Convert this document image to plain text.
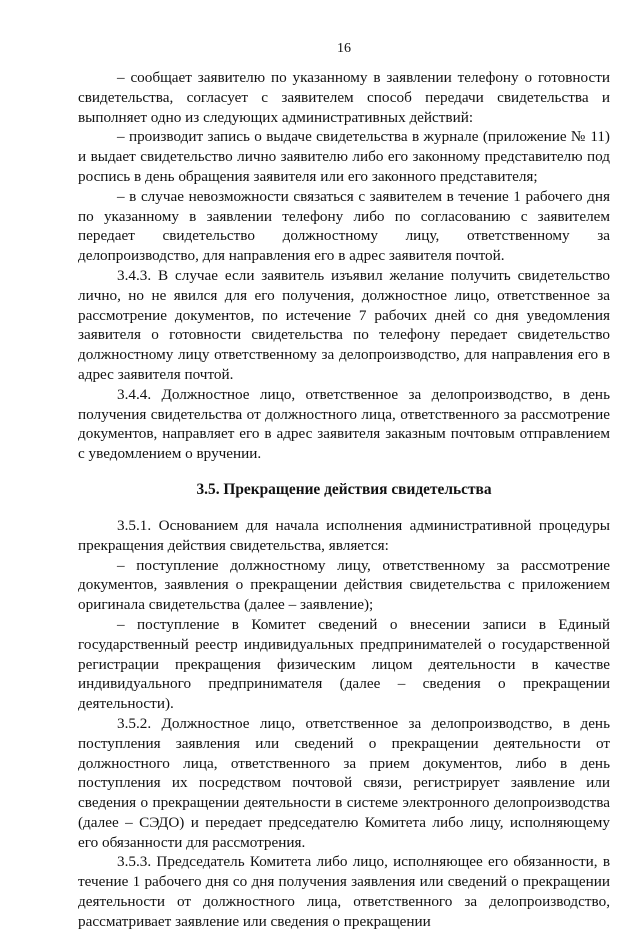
16

– сообщает заявителю по указанному в заявлении телефону о готовности свидетельства, согласует с заявителем способ передачи свидетельства и выполняет одно из следующих административных действий:

– производит запись о выдаче свидетельства в журнале (приложение № 11) и выдает свидетельство лично заявителю либо его законному представителю под роспись в день обращения заявителя или его законного представителя;

– в случае невозможности связаться с заявителем в течение 1 рабочего дня по указанному в заявлении телефону либо по согласованию с заявителем передает свидетельство должностному лицу, ответственному за делопроизводство, для направления его в адрес заявителя почтой.

3.4.3. В случае если заявитель изъявил желание получить свидетельство лично, но не явился для его получения, должностное лицо, ответственное за рассмотрение документов, по истечение 7 рабочих дней со дня уведомления заявителя о готовности свидетельства по телефону передает свидетельство должностному лицу ответственному за делопроизводство, для направления его в адрес заявителя почтой.

3.4.4. Должностное лицо, ответственное за делопроизводство, в день получения свидетельства от должностного лица, ответственного за рассмотрение документов, направляет его в адрес заявителя заказным почтовым отправлением с уведомлением о вручении.

3.5. Прекращение действия свидетельства

3.5.1. Основанием для начала исполнения административной процедуры прекращения действия свидетельства, является:

– поступление должностному лицу, ответственному за рассмотрение документов, заявления о прекращении действия свидетельства с приложением оригинала свидетельства (далее – заявление);

– поступление в Комитет сведений о внесении записи в Единый государственный реестр индивидуальных предпринимателей о государственной регистрации прекращения физическим лицом деятельности в качестве индивидуального предпринимателя (далее – сведения о прекращении деятельности).

3.5.2. Должностное лицо, ответственное за делопроизводство, в день поступления заявления или сведений о прекращении деятельности от должностного лица, ответственного за прием документов, либо в день поступления их посредством почтовой связи, регистрирует заявление или сведения о прекращении деятельности в системе электронного делопроизводства (далее – СЭДО) и передает председателю Комитета либо лицу, исполняющему его обязанности для рассмотрения.

3.5.3. Председатель Комитета либо лицо, исполняющее его обязанности, в течение 1 рабочего дня со дня получения заявления или сведений о прекращении деятельности от должностного лица, ответственного за делопроизводство, рассматривает заявление или сведения о прекращении
